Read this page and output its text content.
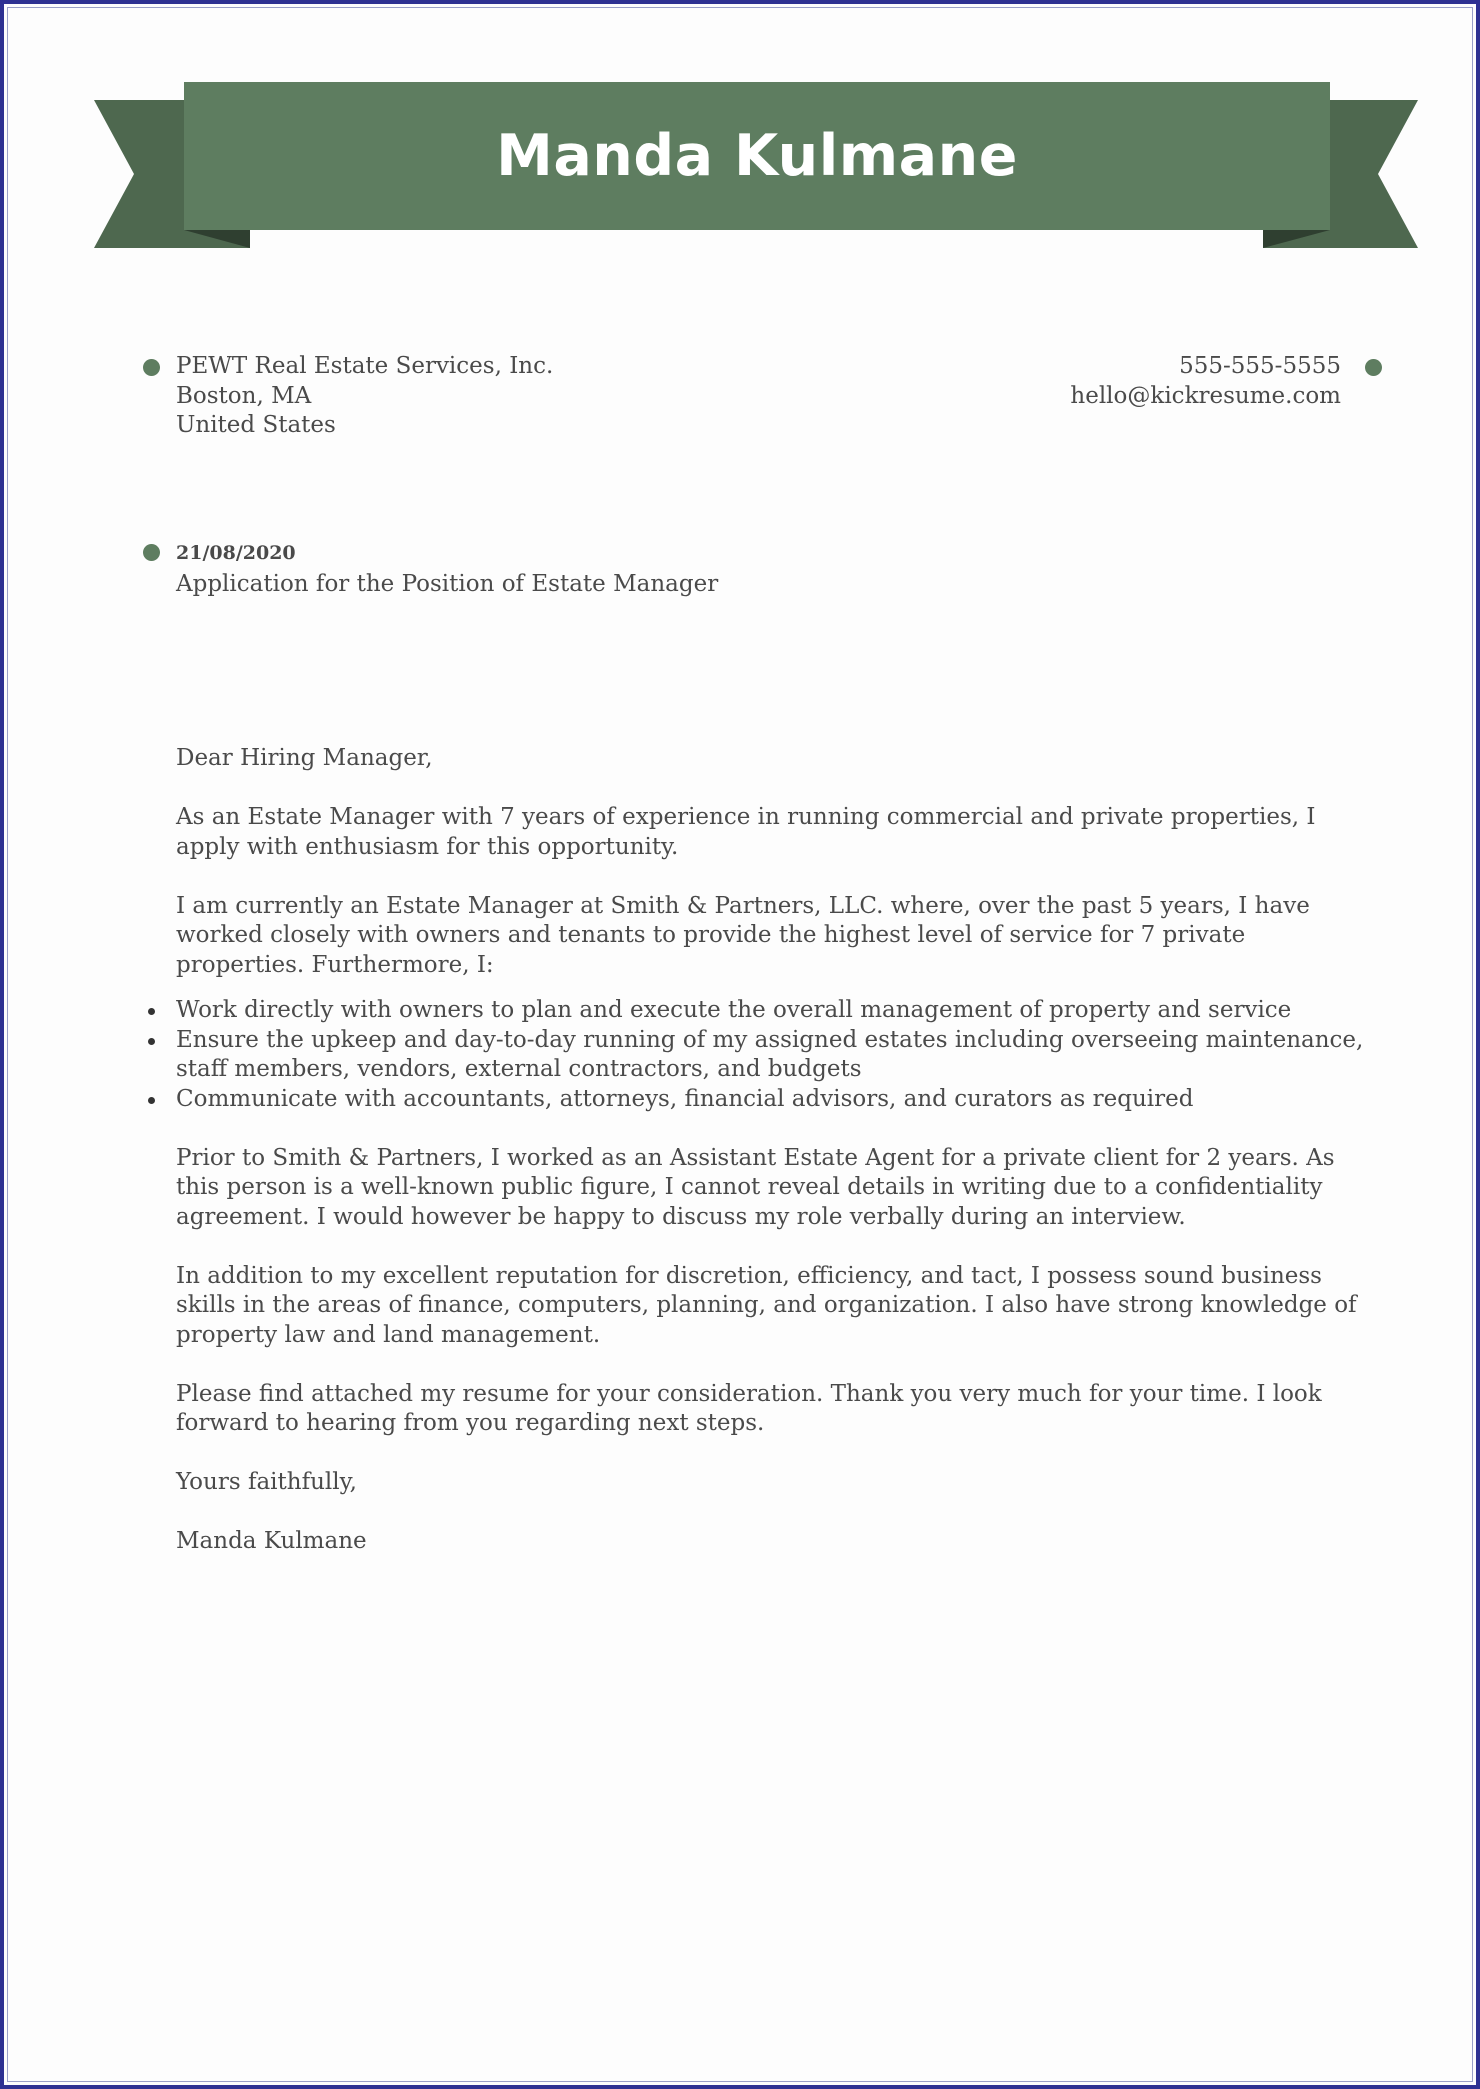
Manda Kulmane
PEWT Real Estate Services, Inc.
Boston, MA
United States
555-555-5555
hello@kickresume.com
21/08/2020
Application for the Position of Estate Manager

Dear Hiring Manager,

As an Estate Manager with 7 years of experience in running commercial and private properties, I apply with enthusiasm for this opportunity.

I am currently an Estate Manager at Smith & Partners, LLC. where, over the past 5 years, I have worked closely with owners and tenants to provide the highest level of service for 7 private properties. Furthermore, I:

Work directly with owners to plan and execute the overall management of property and service
Ensure the upkeep and day-to-day running of my assigned estates including overseeing maintenance, staff members, vendors, external contractors, and budgets
Communicate with accountants, attorneys, financial advisors, and curators as required

Prior to Smith & Partners, I worked as an Assistant Estate Agent for a private client for 2 years. As this person is a well-known public figure, I cannot reveal details in writing due to a confidentiality agreement. I would however be happy to discuss my role verbally during an interview.

In addition to my excellent reputation for discretion, efficiency, and tact, I possess sound business skills in the areas of finance, computers, planning, and organization. I also have strong knowledge of property law and land management.

Please find attached my resume for your consideration. Thank you very much for your time. I look forward to hearing from you regarding next steps.

Yours faithfully,

Manda Kulmane
